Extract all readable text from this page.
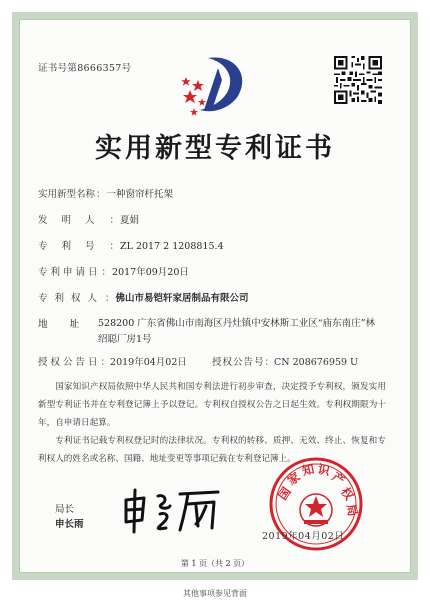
证书号第8666357号
实用新型专利证书
实用新型名称：一种窗帘杆托架
发明人：夏娟
专利号：ZL 2017 2 1208815.4
专利申请日：2017年09月20日
专利权人：佛山市易铠轩家居制品有限公司
地址
528200 广东省佛山市南海区丹灶镇中安林斯工业区“庙东南庄”林绍聪厂房1号
授权公告日：2019年04月02日	授权公告号：CN 208676959 U

国家知识产权局依照中华人民共和国专利法进行初步审查，决定授予专利权，颁发实用新型专利证书并在专利登记簿上予以登记。专利权自授权公告之日起生效。专利权期限为十年，自申请日起算。

专利证书记载专利权登记时的法律状况。专利权的转移、质押、无效、终止、恢复和专利权人的姓名或名称、国籍、地址变更等事项记载在专利登记簿上。

局长
申长雨
国
家
知 识
产
权
局
2019年04月02日
第 1 页（共 2 页）
其他事项参见背面
